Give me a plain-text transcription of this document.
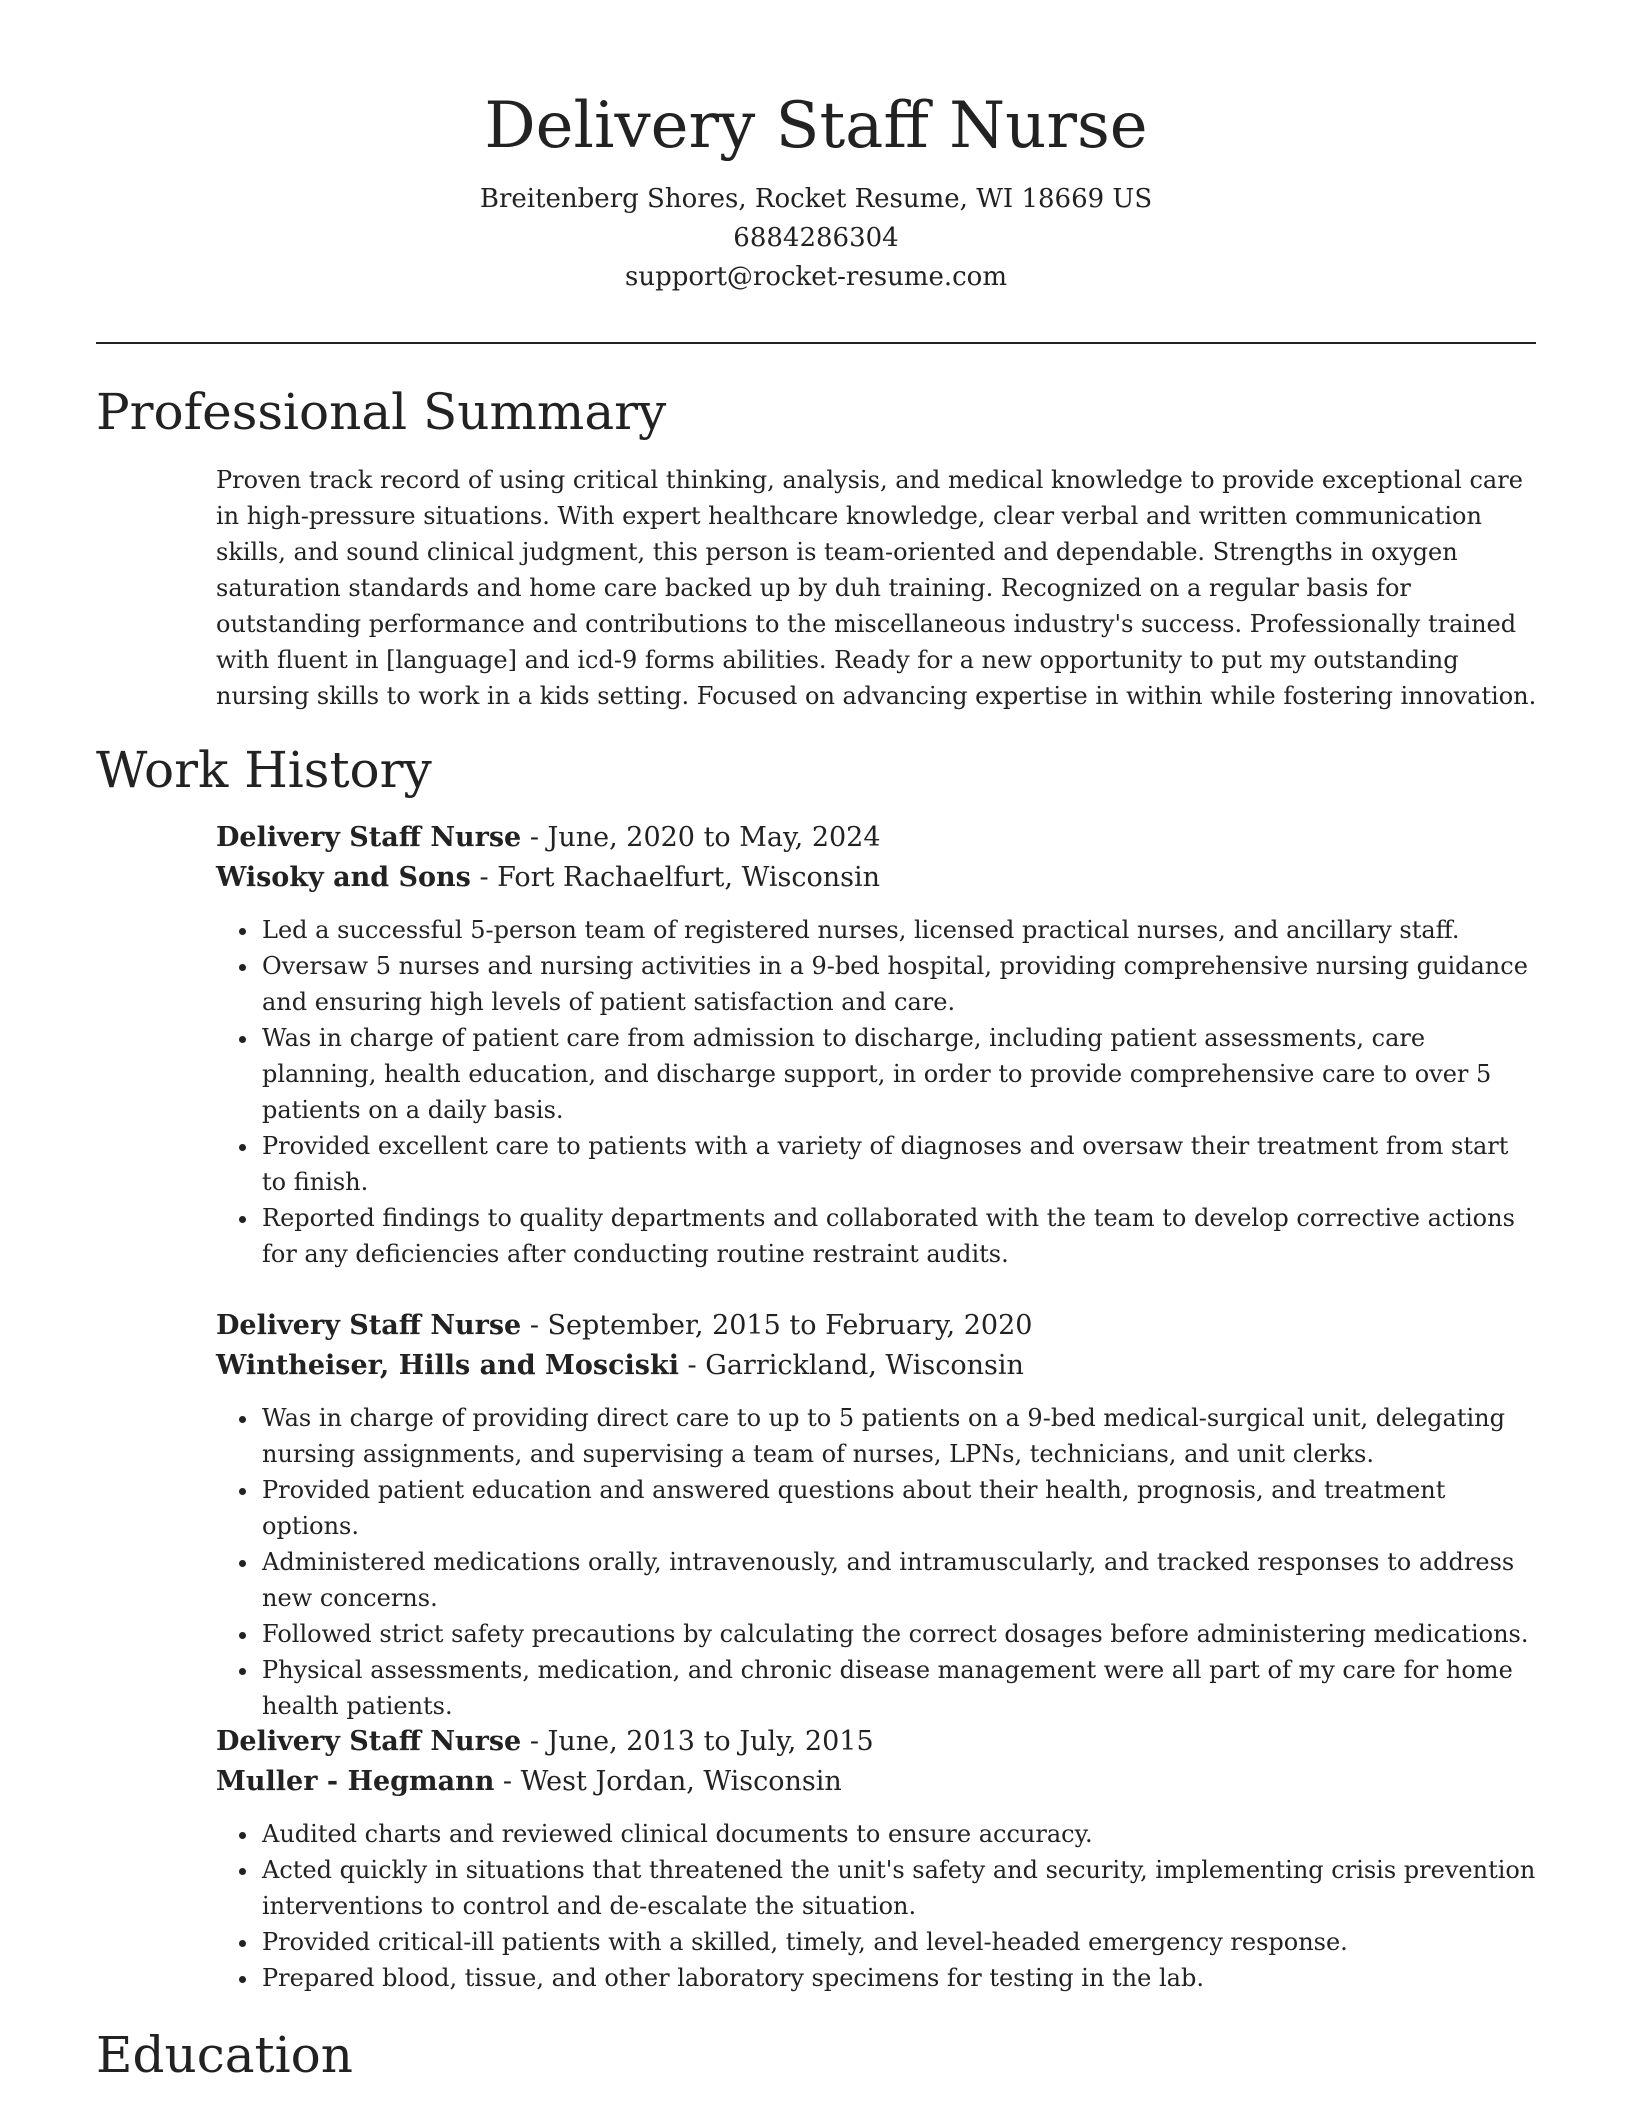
Delivery Staff Nurse

Breitenberg Shores, Rocket Resume, WI 18669 US

6884286304

support@rocket-resume.com

Professional Summary

Proven track record of using critical thinking, analysis, and medical knowledge to provide exceptional care in high-pressure situations. With expert healthcare knowledge, clear verbal and written communication skills, and sound clinical judgment, this person is team-oriented and dependable. Strengths in oxygen saturation standards and home care backed up by duh training. Recognized on a regular basis for outstanding performance and contributions to the miscellaneous industry's success. Professionally trained with fluent in [language] and icd-9 forms abilities. Ready for a new opportunity to put my outstanding nursing skills to work in a kids setting. Focused on advancing expertise in within while fostering innovation.

Work History

Delivery Staff Nurse - June, 2020 to May, 2024

Wisoky and Sons - Fort Rachaelfurt, Wisconsin

• Led a successful 5-person team of registered nurses, licensed practical nurses, and ancillary staff.
• Oversaw 5 nurses and nursing activities in a 9-bed hospital, providing comprehensive nursing guidance and ensuring high levels of patient satisfaction and care.
• Was in charge of patient care from admission to discharge, including patient assessments, care planning, health education, and discharge support, in order to provide comprehensive care to over 5 patients on a daily basis.
• Provided excellent care to patients with a variety of diagnoses and oversaw their treatment from start to finish.
• Reported findings to quality departments and collaborated with the team to develop corrective actions for any deficiencies after conducting routine restraint audits.

Delivery Staff Nurse - September, 2015 to February, 2020

Wintheiser, Hills and Mosciski - Garrickland, Wisconsin

• Was in charge of providing direct care to up to 5 patients on a 9-bed medical-surgical unit, delegating nursing assignments, and supervising a team of nurses, LPNs, technicians, and unit clerks.
• Provided patient education and answered questions about their health, prognosis, and treatment options.
• Administered medications orally, intravenously, and intramuscularly, and tracked responses to address new concerns.
• Followed strict safety precautions by calculating the correct dosages before administering medications.
• Physical assessments, medication, and chronic disease management were all part of my care for home health patients.

Delivery Staff Nurse - June, 2013 to July, 2015

Muller - Hegmann - West Jordan, Wisconsin

• Audited charts and reviewed clinical documents to ensure accuracy.
• Acted quickly in situations that threatened the unit's safety and security, implementing crisis prevention interventions to control and de-escalate the situation.
• Provided critical-ill patients with a skilled, timely, and level-headed emergency response.
• Prepared blood, tissue, and other laboratory specimens for testing in the lab.
Education
